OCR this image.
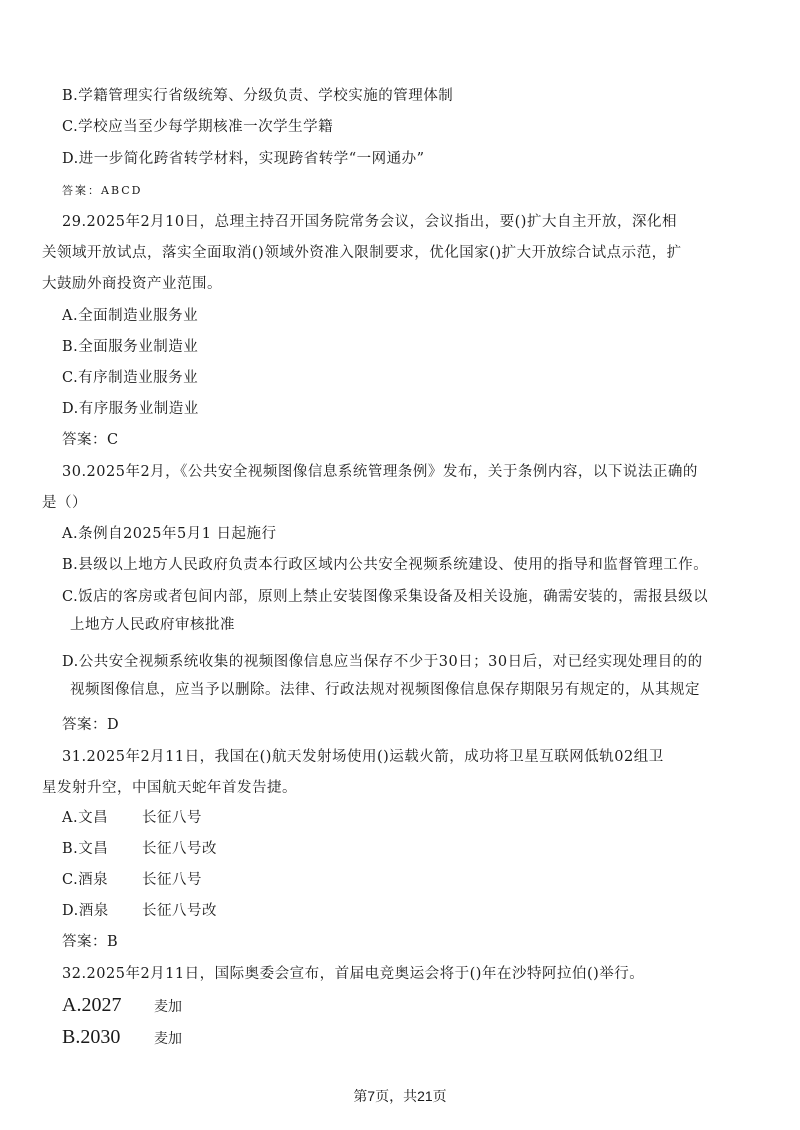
B.学籍管理实行省级统筹、分级负责、学校实施的管理体制
C.学校应当至少每学期核准一次学生学籍
D.进一步简化跨省转学材料，实现跨省转学“一网通办”
答案：ABCD
29.2025年2月10日，总理主持召开国务院常务会议，会议指出，要()扩大自主开放，深化相
关领域开放试点，落实全面取消()领域外资准入限制要求，优化国家()扩大开放综合试点示范，扩
大鼓励外商投资产业范围。
A.全面制造业服务业
B.全面服务业制造业
C.有序制造业服务业
D.有序服务业制造业
答案：C
30.2025年2月，《公共安全视频图像信息系统管理条例》发布，关于条例内容，以下说法正确的
是（）
A.条例自2025年5月1 日起施行
B.县级以上地方人民政府负责本行政区域内公共安全视频系统建设、使用的指导和监督管理工作。
C.饭店的客房或者包间内部，原则上禁止安装图像采集设备及相关设施，确需安装的，需报县级以
上地方人民政府审核批准
D.公共安全视频系统收集的视频图像信息应当保存不少于30日；30日后，对已经实现处理目的的
视频图像信息，应当予以删除。法律、行政法规对视频图像信息保存期限另有规定的，从其规定
答案：D
31.2025年2月11日，我国在()航天发射场使用()运载火箭，成功将卫星互联网低轨02组卫
星发射升空，中国航天蛇年首发告捷。
A.文昌 长征八号
B.文昌 长征八号改
C.酒泉 长征八号
D.酒泉 长征八号改
答案：B
32.2025年2月11日，国际奥委会宣布，首届电竞奥运会将于()年在沙特阿拉伯()举行。
A.2027 麦加
B.2030 麦加
第7页，共21页
